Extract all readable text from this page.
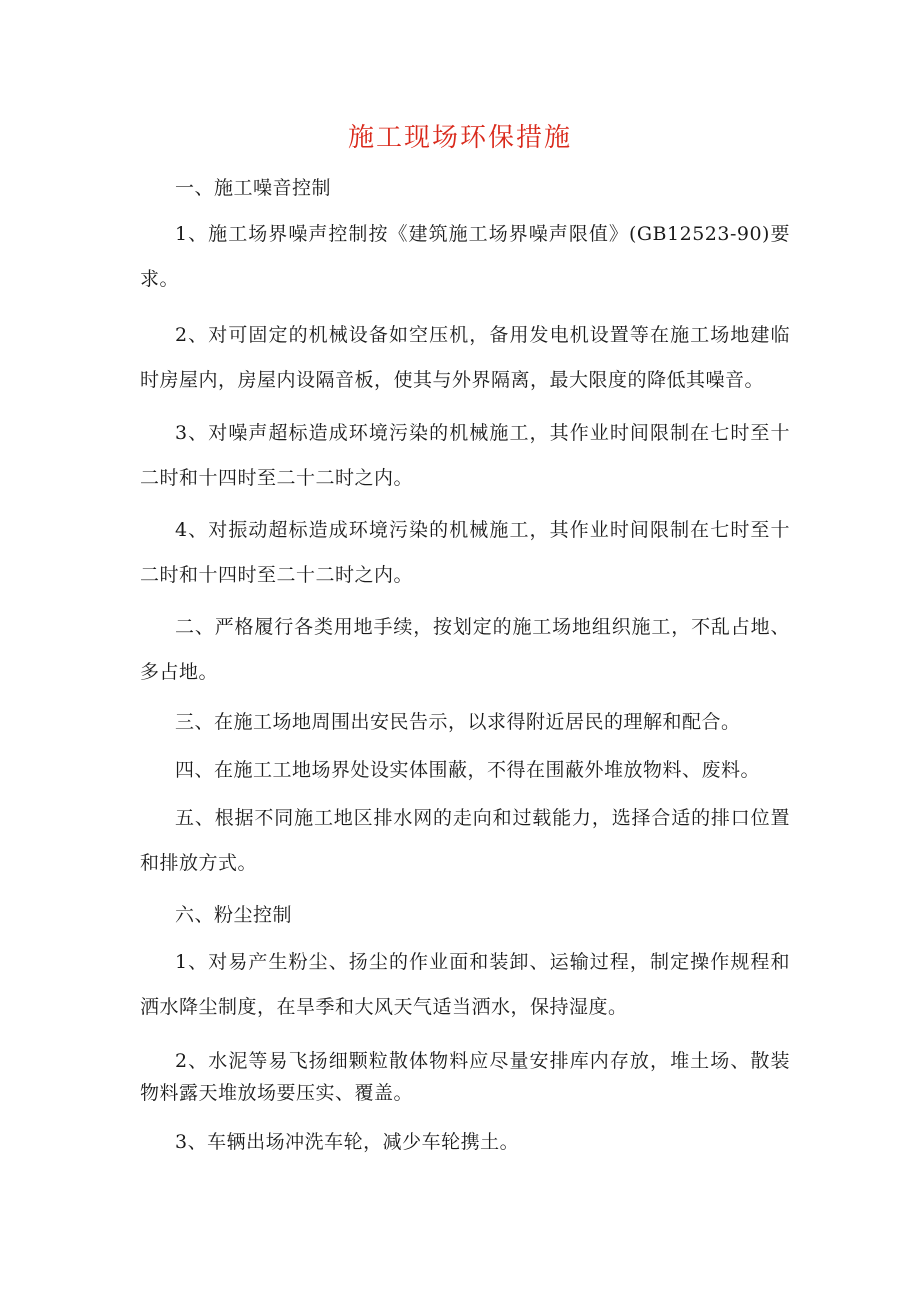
施工现场环保措施

一、施工噪音控制

1、施工场界噪声控制按《建筑施工场界噪声限值》(GB12523-90)要求。

2、对可固定的机械设备如空压机，备用发电机设置等在施工场地建临时房屋内，房屋内设隔音板，使其与外界隔离，最大限度的降低其噪音。

3、对噪声超标造成环境污染的机械施工，其作业时间限制在七时至十二时和十四时至二十二时之内。

4、对振动超标造成环境污染的机械施工，其作业时间限制在七时至十二时和十四时至二十二时之内。

二、严格履行各类用地手续，按划定的施工场地组织施工，不乱占地、多占地。

三、在施工场地周围出安民告示，以求得附近居民的理解和配合。

四、在施工工地场界处设实体围蔽，不得在围蔽外堆放物料、废料。

五、根据不同施工地区排水网的走向和过载能力，选择合适的排口位置和排放方式。

六、粉尘控制

1、对易产生粉尘、扬尘的作业面和装卸、运输过程，制定操作规程和洒水降尘制度，在旱季和大风天气适当洒水，保持湿度。

2、水泥等易飞扬细颗粒散体物料应尽量安排库内存放，堆土场、散装物料露天堆放场要压实、覆盖。

3、车辆出场冲洗车轮，减少车轮携土。
